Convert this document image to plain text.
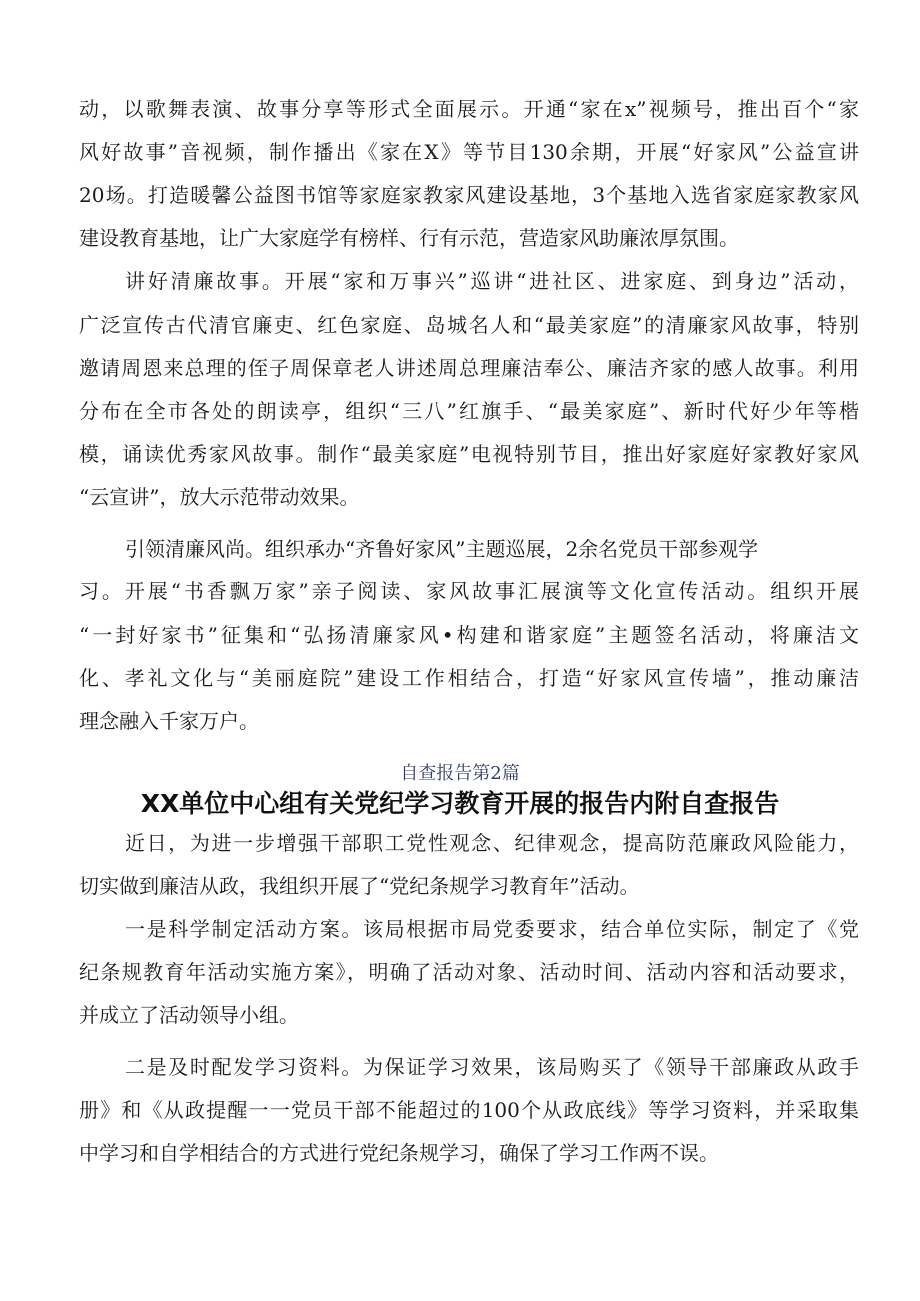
动，以歌舞表演、故事分享等形式全面展示。开通“家在x”视频号，推出百个“家
风好故事”音视频，制作播出《家在X》等节目130余期，开展“好家风”公益宣讲
20场。打造暖馨公益图书馆等家庭家教家风建设基地，3个基地入选省家庭家教家风
建设教育基地，让广大家庭学有榜样、行有示范，营造家风助廉浓厚氛围。
讲好清廉故事。开展“家和万事兴”巡讲“进社区、进家庭、到身边”活动，
广泛宣传古代清官廉吏、红色家庭、岛城名人和“最美家庭”的清廉家风故事，特别
邀请周恩来总理的侄子周保章老人讲述周总理廉洁奉公、廉洁齐家的感人故事。利用
分布在全市各处的朗读亭，组织“三八”红旗手、“最美家庭”、新时代好少年等楷
模，诵读优秀家风故事。制作“最美家庭”电视特别节目，推出好家庭好家教好家风
“云宣讲”，放大示范带动效果。
引领清廉风尚。组织承办“齐鲁好家风”主题巡展，2余名党员干部参观学
习。开展“书香飘万家”亲子阅读、家风故事汇展演等文化宣传活动。组织开展
“一封好家书”征集和“弘扬清廉家风•构建和谐家庭”主题签名活动，将廉洁文
化、孝礼文化与“美丽庭院”建设工作相结合，打造“好家风宣传墙”，推动廉洁
理念融入千家万户。
自查报告第2篇
XX单位中心组有关党纪学习教育开展的报告内附自查报告
近日，为进一步增强干部职工党性观念、纪律观念，提高防范廉政风险能力，
切实做到廉洁从政，我组织开展了“党纪条规学习教育年”活动。
一是科学制定活动方案。该局根据市局党委要求，结合单位实际，制定了《党
纪条规教育年活动实施方案》，明确了活动对象、活动时间、活动内容和活动要求，
并成立了活动领导小组。
二是及时配发学习资料。为保证学习效果，该局购买了《领导干部廉政从政手
册》和《从政提醒一一党员干部不能超过的100个从政底线》等学习资料，并采取集
中学习和自学相结合的方式进行党纪条规学习，确保了学习工作两不误。
